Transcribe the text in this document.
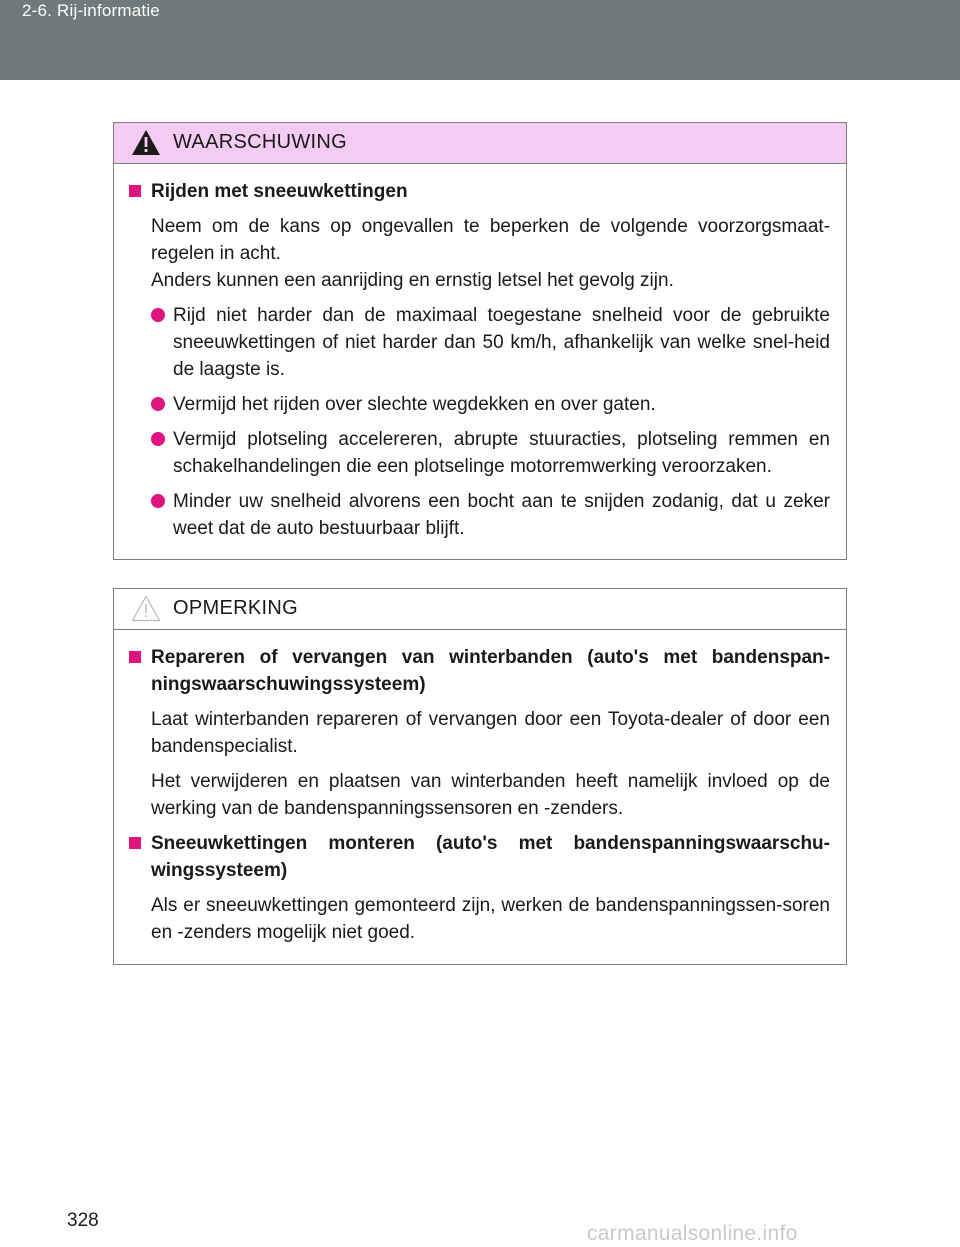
2-6. Rij-informatie
WAARSCHUWING
Rijden met sneeuwkettingen
Neem om de kans op ongevallen te beperken de volgende voorzorgsmaat-regelen in acht.
Anders kunnen een aanrijding en ernstig letsel het gevolg zijn.
Rijd niet harder dan de maximaal toegestane snelheid voor de gebruikte sneeuwkettingen of niet harder dan 50 km/h, afhankelijk van welke snel-heid de laagste is.
Vermijd het rijden over slechte wegdekken en over gaten.
Vermijd plotseling accelereren, abrupte stuuracties, plotseling remmen en schakelhandelingen die een plotselinge motorremwerking veroorzaken.
Minder uw snelheid alvorens een bocht aan te snijden zodanig, dat u zeker weet dat de auto bestuurbaar blijft.
OPMERKING
Repareren of vervangen van winterbanden (auto's met bandenspan-ningswaarschuwingssysteem)
Laat winterbanden repareren of vervangen door een Toyota-dealer of door een bandenspecialist.
Het verwijderen en plaatsen van winterbanden heeft namelijk invloed op de werking van de bandenspanningssensoren en -zenders.
Sneeuwkettingen monteren (auto's met bandenspanningswaarschu-wingssysteem)
Als er sneeuwkettingen gemonteerd zijn, werken de bandenspanningssen-soren en -zenders mogelijk niet goed.
328
carmanualsonline.info
